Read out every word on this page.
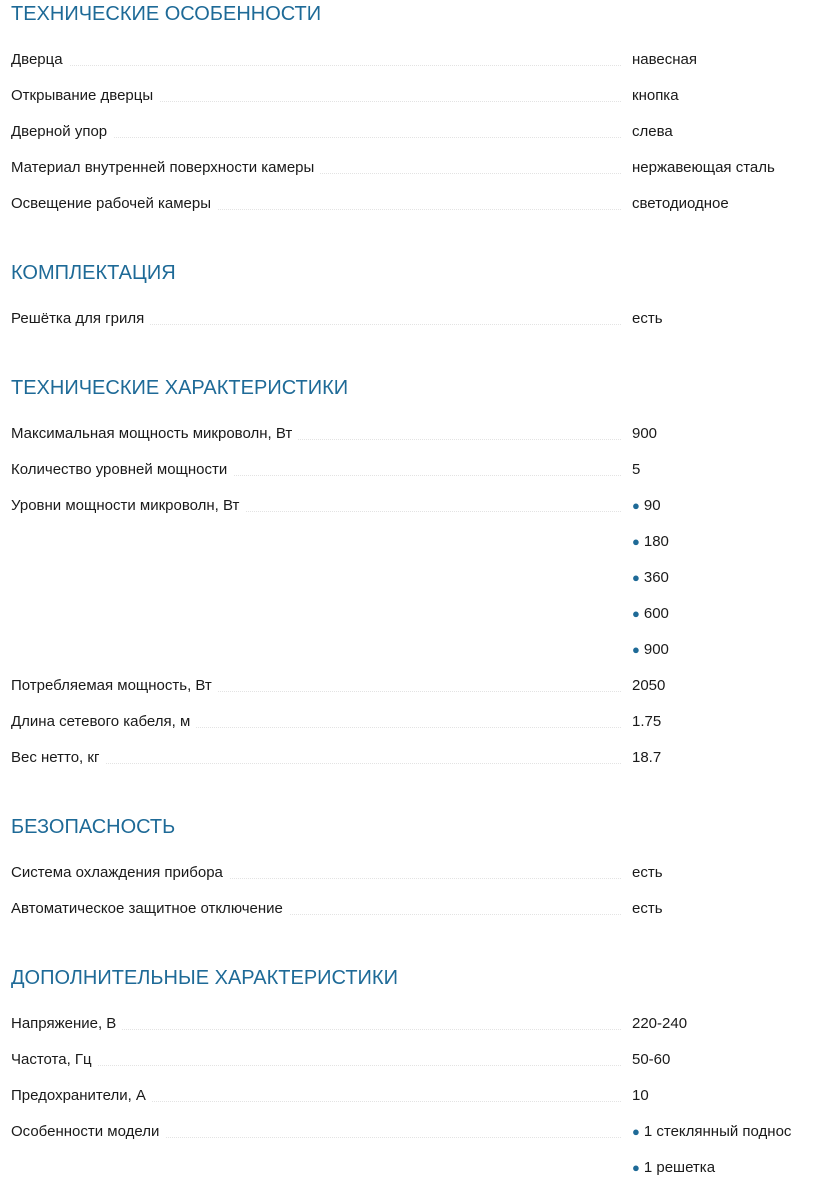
ТЕХНИЧЕСКИЕ ОСОБЕННОСТИ
Дверца	навесная
Открывание дверцы	кнопка
Дверной упор	слева
Материал внутренней поверхности камеры	нержавеющая сталь
Освещение рабочей камеры	светодиодное
КОМПЛЕКТАЦИЯ
Решётка для гриля	есть
ТЕХНИЧЕСКИЕ ХАРАКТЕРИСТИКИ
Максимальная мощность микроволн, Вт	900
Количество уровней мощности	5
Уровни мощности микроволн, Вт	● 90
● 180
● 360
● 600
● 900
Потребляемая мощность, Вт	2050
Длина сетевого кабеля, м	1.75
Вес нетто, кг	18.7
БЕЗОПАСНОСТЬ
Система охлаждения прибора	есть
Автоматическое защитное отключение	есть
ДОПОЛНИТЕЛЬНЫЕ ХАРАКТЕРИСТИКИ
Напряжение, В	220-240
Частота, Гц	50-60
Предохранители, А	10
Особенности модели	● 1 стеклянный поднос
● 1 решетка
